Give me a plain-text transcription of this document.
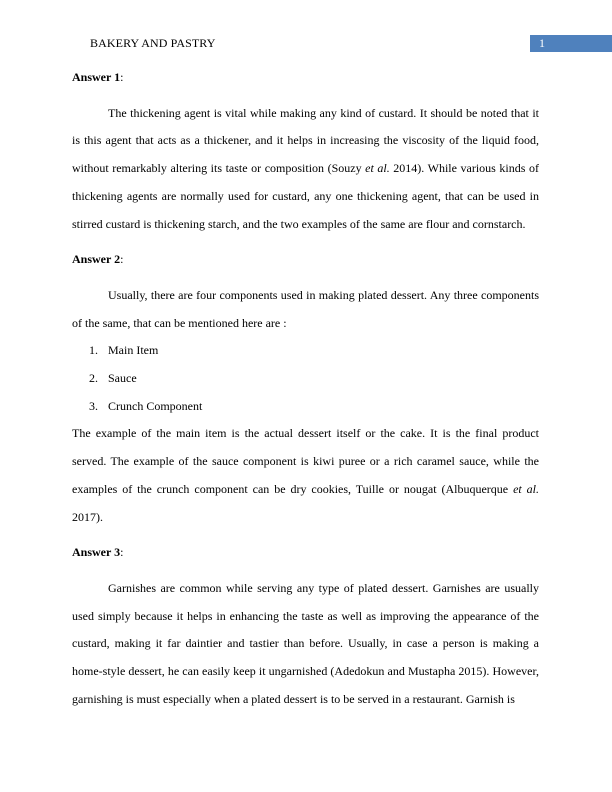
BAKERY AND PASTRY	1

Answer 1:

The thickening agent is vital while making any kind of custard. It should be noted that it is this agent that acts as a thickener, and it helps in increasing the viscosity of the liquid food, without remarkably altering its taste or composition (Souzy et al. 2014). While various kinds of thickening agents are normally used for custard, any one thickening agent, that can be used in stirred custard is thickening starch, and the two examples of the same are flour and cornstarch.

Answer 2:

Usually, there are four components used in making plated dessert. Any three components of the same, that can be mentioned here are :

1. Main Item
2. Sauce
3. Crunch Component

The example of the main item is the actual dessert itself or the cake. It is the final product served. The example of the sauce component is kiwi puree or a rich caramel sauce, while the examples of the crunch component can be dry cookies, Tuille or nougat (Albuquerque et al. 2017).

Answer 3:

Garnishes are common while serving any type of plated dessert. Garnishes are usually used simply because it helps in enhancing the taste as well as improving the appearance of the custard, making it far daintier and tastier than before. Usually, in case a person is making a home-style dessert, he can easily keep it ungarnished (Adedokun and Mustapha 2015). However, garnishing is must especially when a plated dessert is to be served in a restaurant. Garnish is
